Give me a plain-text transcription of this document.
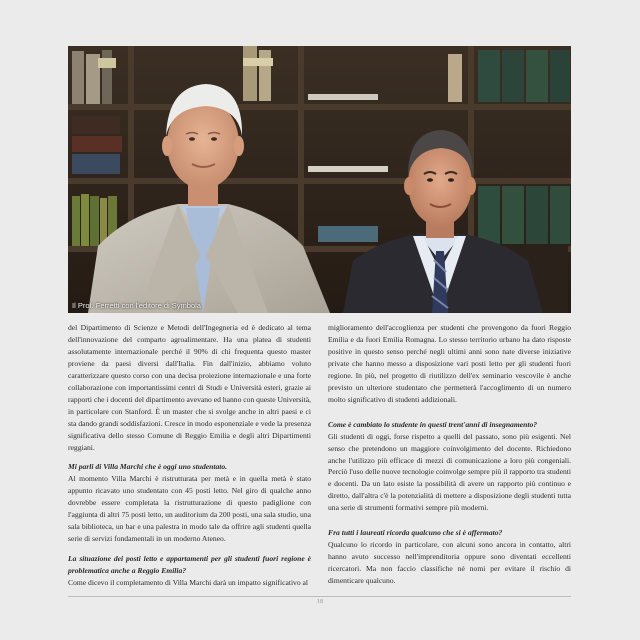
Il Prof. Ferretti con l'editore di Symbola

del Dipartimento di Scienze e Metodi dell'Ingegneria ed è dedicato al tema dell'innovazione del comparto agroalimentare. Ha una platea di studenti assolutamente internazionale perché il 90% di chi frequenta questo master proviene da paesi diversi dall'Italia. Fin dall'inizio, abbiamo voluto caratterizzare questo corso con una decisa proiezione internazionale e una forte collaborazione con importantissimi centri di Studi e Università esteri, grazie ai rapporti che i docenti del dipartimento avevano ed hanno con queste Università, in particolare con Stanford. È un master che si svolge anche in altri paesi e ci sta dando grandi soddisfazioni. Cresce in modo esponenziale e vede la presenza significativa dello stesso Comune di Reggio Emilia e degli altri Dipartimenti reggiani.

Mi parli di Villa Marchi che è oggi uno studentato.

Al momento Villa Marchi è ristrutturata per metà e in quella metà è stato appunto ricavato uno studentato con 45 posti letto. Nel giro di qualche anno dovrebbe essere completata la ristrutturazione di questo padiglione con l'aggiunta di altri 75 posti letto, un auditorium da 200 posti, una sala studio, una sala biblioteca, un bar e una palestra in modo tale da offrire agli studenti quella serie di servizi fondamentali in un moderno Ateneo.

La situazione dei posti letto e appartamenti per gli studenti fuori regione è problematica anche a Reggio Emilia?

Come dicevo il completamento di Villa Marchi darà un impatto significativo al

miglioramento dell'accoglienza per studenti che provengono da fuori Reggio Emilia e da fuori Emilia Romagna. Lo stesso territorio urbano ha dato risposte positive in questo senso perché negli ultimi anni sono nate diverse iniziative private che hanno messo a disposizione vari posti letto per gli studenti fuori regione. In più, nel progetto di riutilizzo dell'ex seminario vescovile è anche previsto un ulteriore studentato che permetterà l'accoglimento di un numero molto significativo di studenti addizionali.

Come è cambiato lo studente in questi trent'anni di insegnamento?

Gli studenti di oggi, forse rispetto a quelli del passato, sono più esigenti. Nel senso che pretendono un maggiore coinvolgimento del docente. Richiedono anche l'utilizzo più efficace di mezzi di comunicazione a loro più congeniali. Perciò l'uso delle nuove tecnologie coinvolge sempre più il rapporto tra studenti e docenti. Da un lato esiste la possibilità di avere un rapporto più continuo e diretto, dall'altra c'è la potenzialità di mettere a disposizione degli studenti tutta una serie di strumenti formativi sempre più moderni.

Fra tutti i laureati ricorda qualcuno che si è affermato?

Qualcuno lo ricordo in particolare, con alcuni sono ancora in contatto, altri hanno avuto successo nell'imprenditoria oppure sono diventati eccellenti ricercatori. Ma non faccio classifiche né nomi per evitare il rischio di dimenticare qualcuno.

18
